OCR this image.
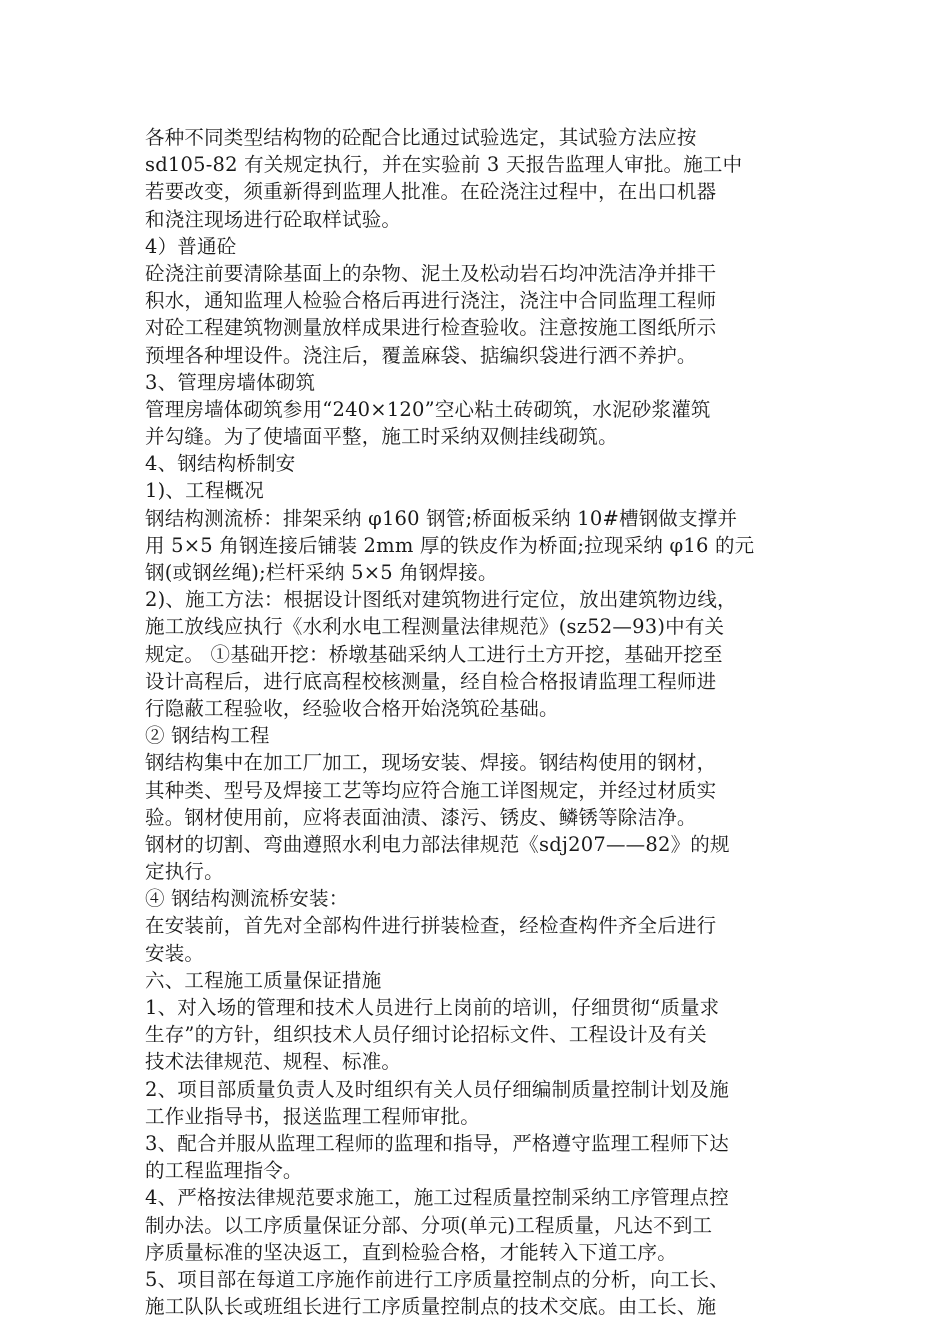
各种不同类型结构物的砼配合比通过试验选定，其试验方法应按
sd105-82 有关规定执行，并在实验前 3 天报告监理人审批。施工中
若要改变，须重新得到监理人批准。在砼浇注过程中，在出口机器
和浇注现场进行砼取样试验。
4）普通砼
砼浇注前要清除基面上的杂物、泥土及松动岩石均冲洗洁净并排干
积水，通知监理人检验合格后再进行浇注，浇注中合同监理工程师
对砼工程建筑物测量放样成果进行检查验收。注意按施工图纸所示
预埋各种埋设件。浇注后，覆盖麻袋、掂编织袋进行洒不养护。
3、管理房墙体砌筑
管理房墙体砌筑参用“240×120”空心粘土砖砌筑，水泥砂浆灌筑
并勾缝。为了使墙面平整，施工时采纳双侧挂线砌筑。
4、钢结构桥制安
1)、工程概况
钢结构测流桥：排架采纳 φ160 钢管;桥面板采纳 10#槽钢做支撑并
用 5×5 角钢连接后铺装 2mm 厚的铁皮作为桥面;拉现采纳 φ16 的元
钢(或钢丝绳);栏杆采纳 5×5 角钢焊接。
2)、施工方法：根据设计图纸对建筑物进行定位，放出建筑物边线，
施工放线应执行《水利水电工程测量法律规范》(sz52—93)中有关
规定。 ①基础开挖：桥墩基础采纳人工进行土方开挖，基础开挖至
设计高程后，进行底高程校核测量，经自检合格报请监理工程师进
行隐蔽工程验收，经验收合格开始浇筑砼基础。
② 钢结构工程
钢结构集中在加工厂加工，现场安装、焊接。钢结构使用的钢材，
其种类、型号及焊接工艺等均应符合施工详图规定，并经过材质实
验。钢材使用前，应将表面油渍、漆污、锈皮、鳞锈等除洁净。
钢材的切割、弯曲遵照水利电力部法律规范《sdj207——82》的规
定执行。
④ 钢结构测流桥安装：
在安装前，首先对全部构件进行拼装检查，经检查构件齐全后进行
安装。
六、工程施工质量保证措施
1、对入场的管理和技术人员进行上岗前的培训，仔细贯彻“质量求
生存”的方针，组织技术人员仔细讨论招标文件、工程设计及有关
技术法律规范、规程、标准。
2、项目部质量负责人及时组织有关人员仔细编制质量控制计划及施
工作业指导书，报送监理工程师审批。
3、配合并服从监理工程师的监理和指导，严格遵守监理工程师下达
的工程监理指令。
4、严格按法律规范要求施工，施工过程质量控制采纳工序管理点控
制办法。以工序质量保证分部、分项(单元)工程质量，凡达不到工
序质量标准的坚决返工，直到检验合格，才能转入下道工序。
5、项目部在每道工序施作前进行工序质量控制点的分析，向工长、
施工队队长或班组长进行工序质量控制点的技术交底。由工长、施
